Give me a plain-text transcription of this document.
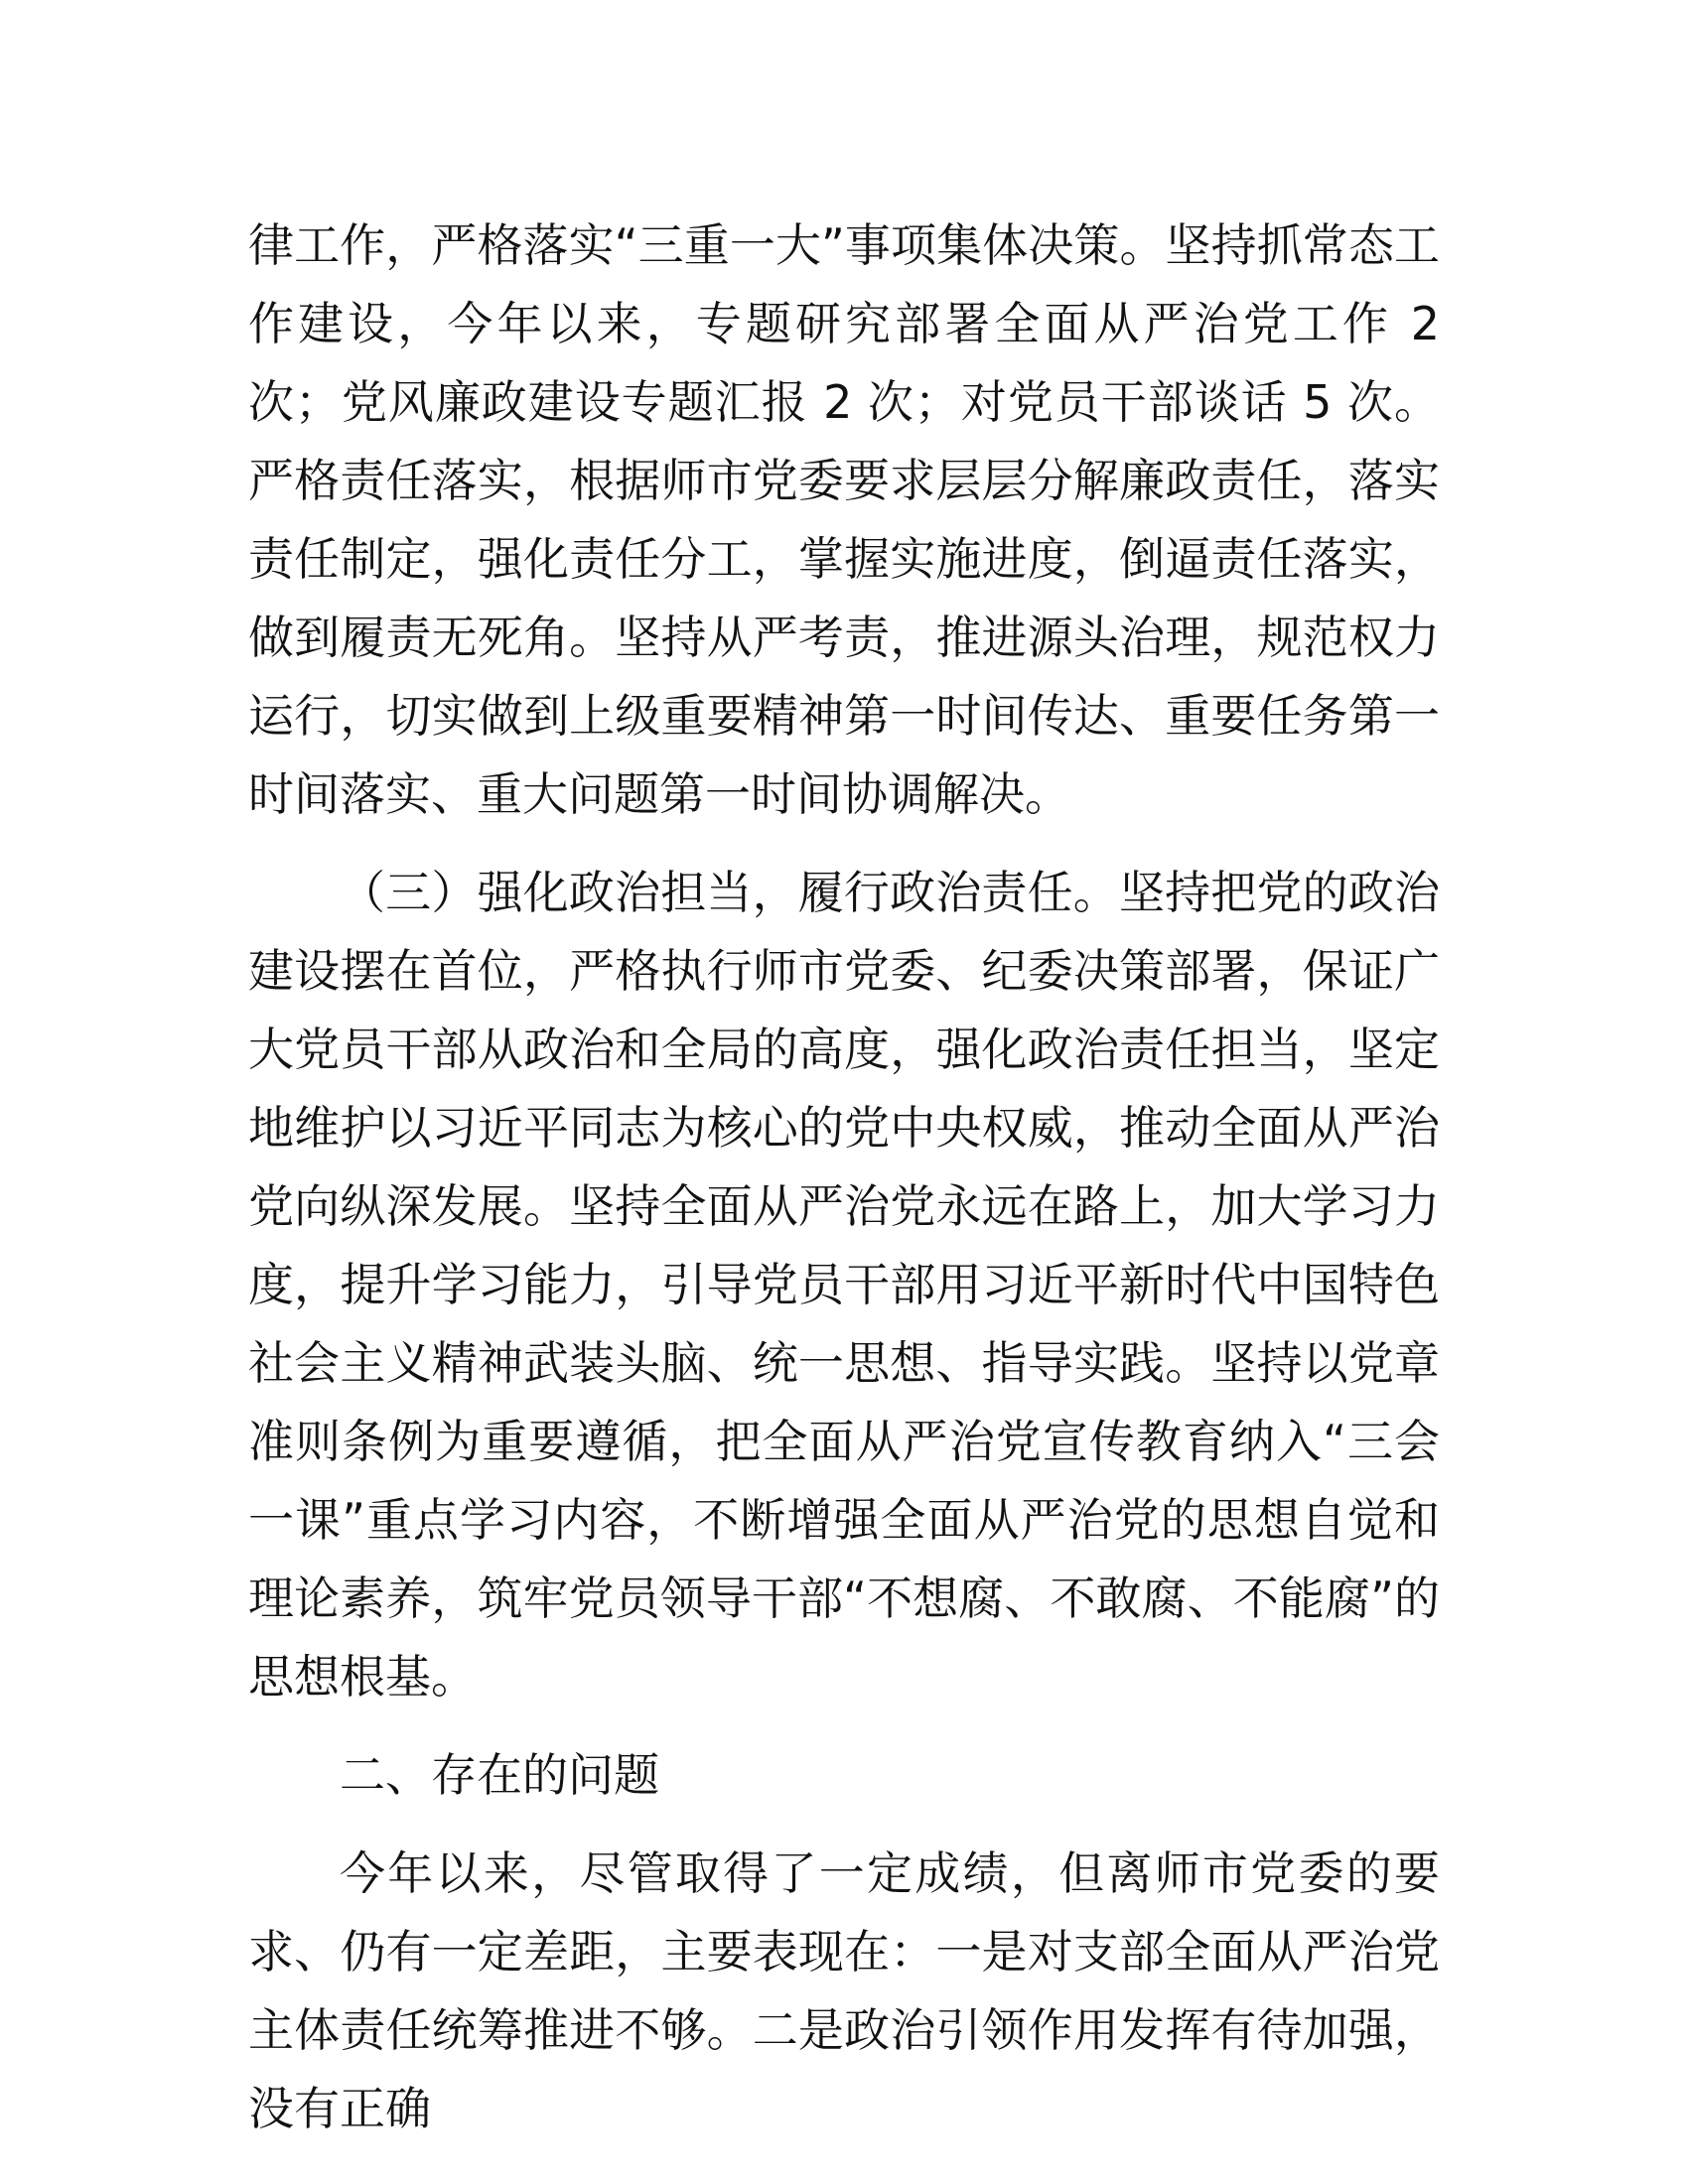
律工作，严格落实“三重一大”事项集体决策。坚持抓常态工作建设，今年以来，专题研究部署全面从严治党工作 2 次；党风廉政建设专题汇报 2 次；对党员干部谈话 5 次。严格责任落实，根据师市党委要求层层分解廉政责任，落实责任制定，强化责任分工，掌握实施进度，倒逼责任落实，做到履责无死角。坚持从严考责，推进源头治理，规范权力运行，切实做到上级重要精神第一时间传达、重要任务第一时间落实、重大问题第一时间协调解决。

（三）强化政治担当，履行政治责任。坚持把党的政治建设摆在首位，严格执行师市党委、纪委决策部署，保证广大党员干部从政治和全局的高度，强化政治责任担当，坚定地维护以习近平同志为核心的党中央权威，推动全面从严治党向纵深发展。坚持全面从严治党永远在路上，加大学习力度，提升学习能力，引导党员干部用习近平新时代中国特色社会主义精神武装头脑、统一思想、指导实践。坚持以党章准则条例为重要遵循，把全面从严治党宣传教育纳入“三会一课”重点学习内容，不断增强全面从严治党的思想自觉和理论素养，筑牢党员领导干部“不想腐、不敢腐、不能腐”的思想根基。

二、存在的问题

今年以来，尽管取得了一定成绩，但离师市党委的要求、仍有一定差距，主要表现在：一是对支部全面从严治党主体责任统筹推进不够。二是政治引领作用发挥有待加强，没有正确
